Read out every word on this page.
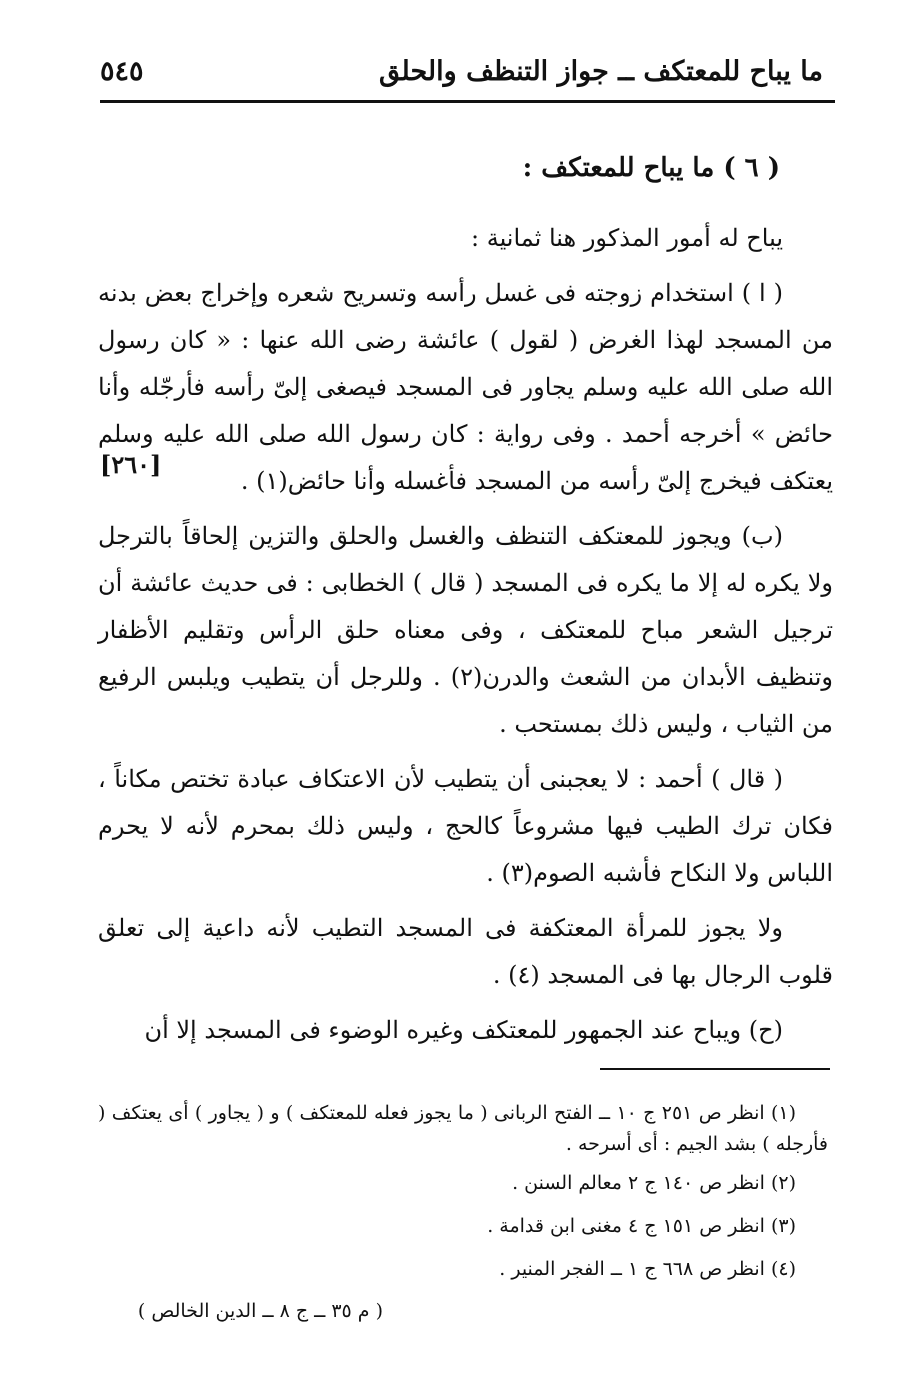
ما يباح للمعتكف ــ جواز التنظف والحلق
٥٤٥
( ٦ ) ما يباح للمعتكف :

يباح له أمور المذكور هنا ثمانية :

( ا ) استخدام زوجته فى غسل رأسه وتسريح شعره وإخراج بعض بدنه من المسجد لهذا الغرض ( لقول ) عائشة رضى الله عنها : « كان رسول الله صلى الله عليه وسلم يجاور فى المسجد فيصغى إلىّ رأسه فأرجّله وأنا حائض » أخرجه أحمد . وفى رواية : كان رسول الله صلى الله عليه وسلم يعتكف فيخرج إلىّ رأسه من المسجد فأغسله وأنا حائض(١) .

(ب) ويجوز للمعتكف التنظف والغسل والحلق والتزين إلحاقاً بالترجل ولا يكره له إلا ما يكره فى المسجد ( قال ) الخطابى : فى حديث عائشة أن ترجيل الشعر مباح للمعتكف ، وفى معناه حلق الرأس وتقليم الأظفار وتنظيف الأبدان من الشعث والدرن(٢) . وللرجل أن يتطيب ويلبس الرفيع من الثياب ، وليس ذلك بمستحب .

( قال ) أحمد : لا يعجبنى أن يتطيب لأن الاعتكاف عبادة تختص مكاناً ، فكان ترك الطيب فيها مشروعاً كالحج ، وليس ذلك بمحرم لأنه لا يحرم اللباس ولا النكاح فأشبه الصوم(٣) .

ولا يجوز للمرأة المعتكفة فى المسجد التطيب لأنه داعية إلى تعلق قلوب الرجال بها فى المسجد (٤) .

(ح) ويباح عند الجمهور للمعتكف وغيره الوضوء فى المسجد إلا أن

[٢٦٠]

(١) انظر ص ٢٥١ ج ١٠ ــ الفتح الربانى ( ما يجوز فعله للمعتكف ) و ( يجاور ) أى يعتكف ( فأرجله ) بشد الجيم : أى أسرحه .

(٢) انظر ص ١٤٠ ج ٢ معالم السنن .

(٣) انظر ص ١٥١ ج ٤ مغنى ابن قدامة .

(٤) انظر ص ٦٦٨ ج ١ ــ الفجر المنير .

( م ٣٥ ــ ج ٨ ــ الدين الخالص )
